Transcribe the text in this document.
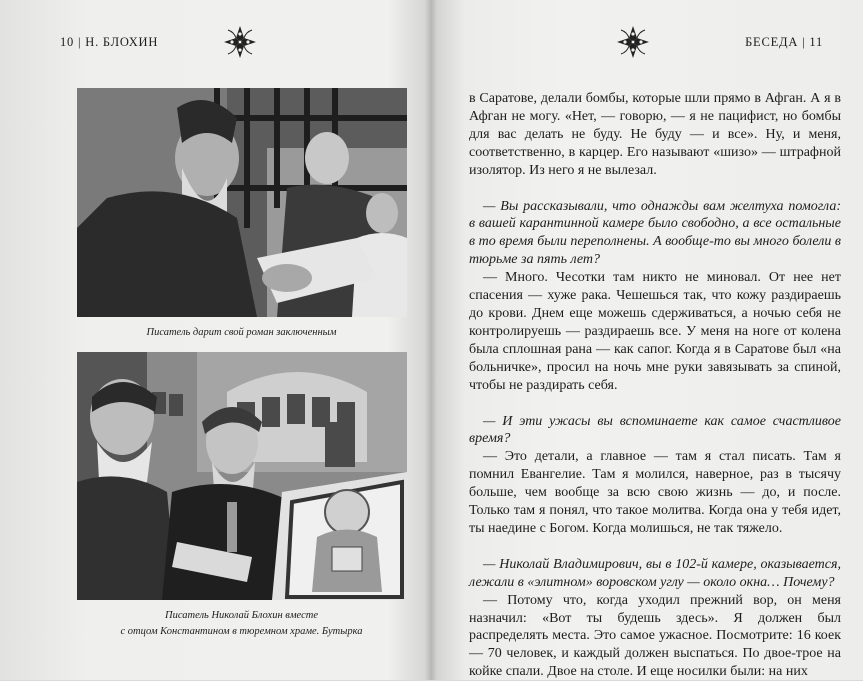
10 | Н. БЛОХИН
Писатель дарит свой роман заключенным
Писатель Николай Блохин вместе
с отцом Константином в тюремном храме. Бутырка
БЕСЕДА | 11

в Саратове, делали бомбы, которые шли прямо в Афган. А я в Афган не могу. «Нет, — говорю, — я не пацифист, но бомбы для вас делать не буду. Не буду — и все». Ну, и меня, соответственно, в карцер. Его называют «шизо» — штрафной изолятор. Из него я не вылезал.

— Вы рассказывали, что однажды вам желтуха помогла: в вашей карантинной камере было свободно, а все остальные в то время были переполнены. А вообще-то вы много болели в тюрьме за пять лет?

— Много. Чесотки там никто не миновал. От нее нет спасения — хуже рака. Чешешься так, что кожу раздираешь до крови. Днем еще можешь сдерживаться, а ночью себя не контролируешь — раздираешь все. У меня на ноге от колена была сплошная рана — как сапог. Когда я в Саратове был «на больничке», просил на ночь мне руки завязывать за спиной, чтобы не раздирать себя.

— И эти ужасы вы вспоминаете как самое счастливое время?

— Это детали, а главное — там я стал писать. Там я помнил Евангелие. Там я молился, наверное, раз в тысячу больше, чем вообще за всю свою жизнь — до, и после. Только там я понял, что такое молитва. Когда она у тебя идет, ты наедине с Богом. Когда молишься, не так тяжело.

— Николай Владимирович, вы в 102-й камере, оказывается, лежали в «элитном» воровском углу — около окна… Почему?

— Потому что, когда уходил прежний вор, он меня назначил: «Вот ты будешь здесь». Я должен был распределять места. Это самое ужасное. Посмотрите: 16 коек — 70 человек, и каждый должен выспаться. По двое-трое на койке спали. Двое на столе. И еще носилки были: на них
